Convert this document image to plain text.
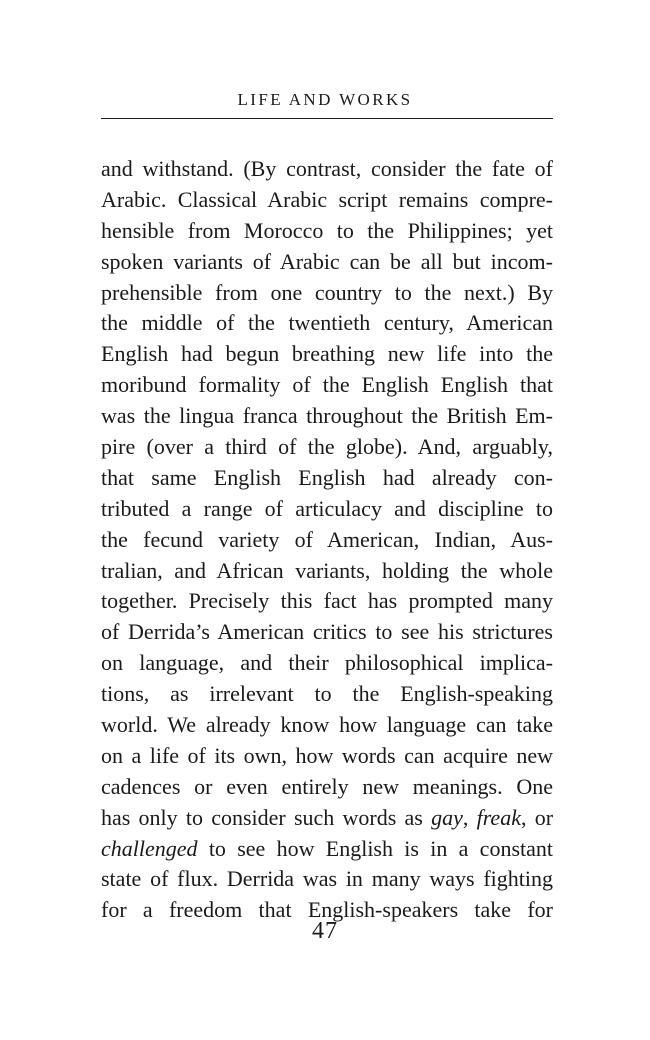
LIFE AND WORKS
and withstand. (By contrast, consider the fate of
Arabic. Classical Arabic script remains compre-
hensible from Morocco to the Philippines; yet
spoken variants of Arabic can be all but incom-
prehensible from one country to the next.) By
the middle of the twentieth century, American
English had begun breathing new life into the
moribund formality of the English English that
was the lingua franca throughout the British Em-
pire (over a third of the globe). And, arguably,
that same English English had already con-
tributed a range of articulacy and discipline to
the fecund variety of American, Indian, Aus-
tralian, and African variants, holding the whole
together. Precisely this fact has prompted many
of Derrida’s American critics to see his strictures
on language, and their philosophical implica-
tions, as irrelevant to the English-speaking
world. We already know how language can take
on a life of its own, how words can acquire new
cadences or even entirely new meanings. One
has only to consider such words as gay, freak, or
challenged to see how English is in a constant
state of flux. Derrida was in many ways fighting
for a freedom that English-speakers take for
47
